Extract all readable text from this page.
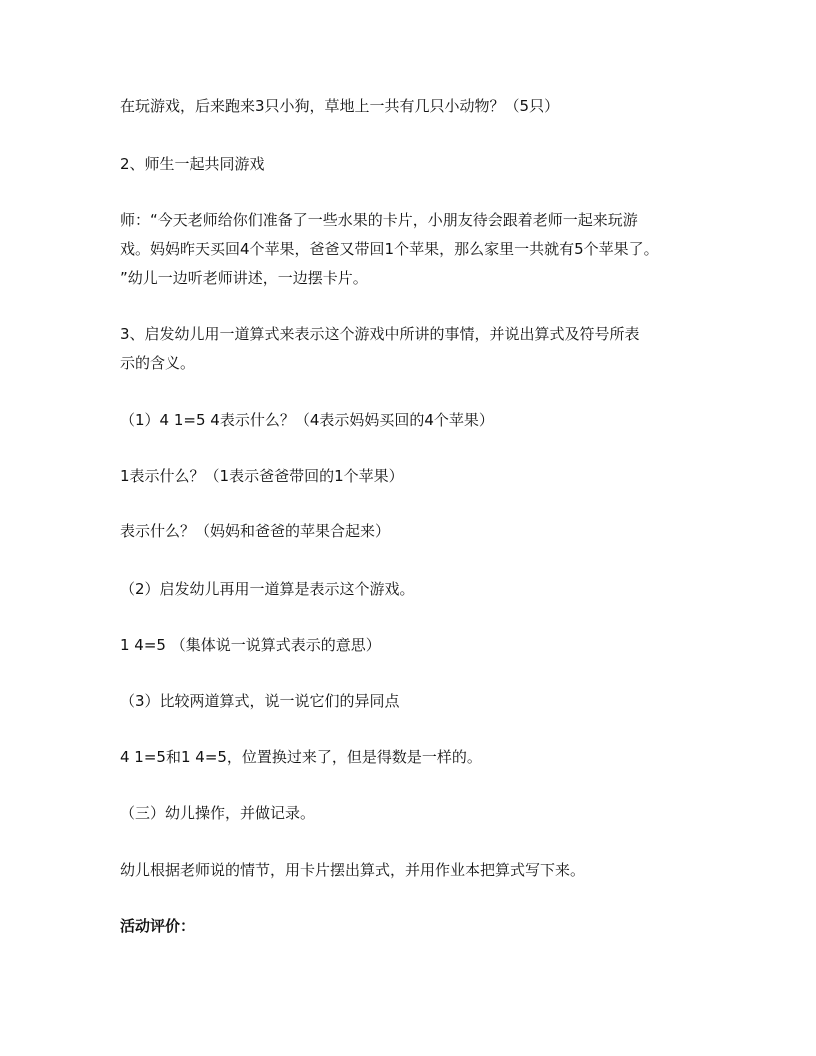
在玩游戏，后来跑来3只小狗，草地上一共有几只小动物？（5只）
2、师生一起共同游戏
师：“今天老师给你们准备了一些水果的卡片，小朋友待会跟着老师一起来玩游
戏。妈妈昨天买回4个苹果，爸爸又带回1个苹果，那么家里一共就有5个苹果了。
”幼儿一边听老师讲述，一边摆卡片。
3、启发幼儿用一道算式来表示这个游戏中所讲的事情，并说出算式及符号所表
示的含义。
（1）4 1=5 4表示什么？（4表示妈妈买回的4个苹果）
1表示什么？（1表示爸爸带回的1个苹果）
表示什么？（妈妈和爸爸的苹果合起来）
（2）启发幼儿再用一道算是表示这个游戏。
1 4=5 （集体说一说算式表示的意思）
（3）比较两道算式，说一说它们的异同点
4 1=5和1 4=5，位置换过来了，但是得数是一样的。
（三）幼儿操作，并做记录。
幼儿根据老师说的情节，用卡片摆出算式，并用作业本把算式写下来。
活动评价：
